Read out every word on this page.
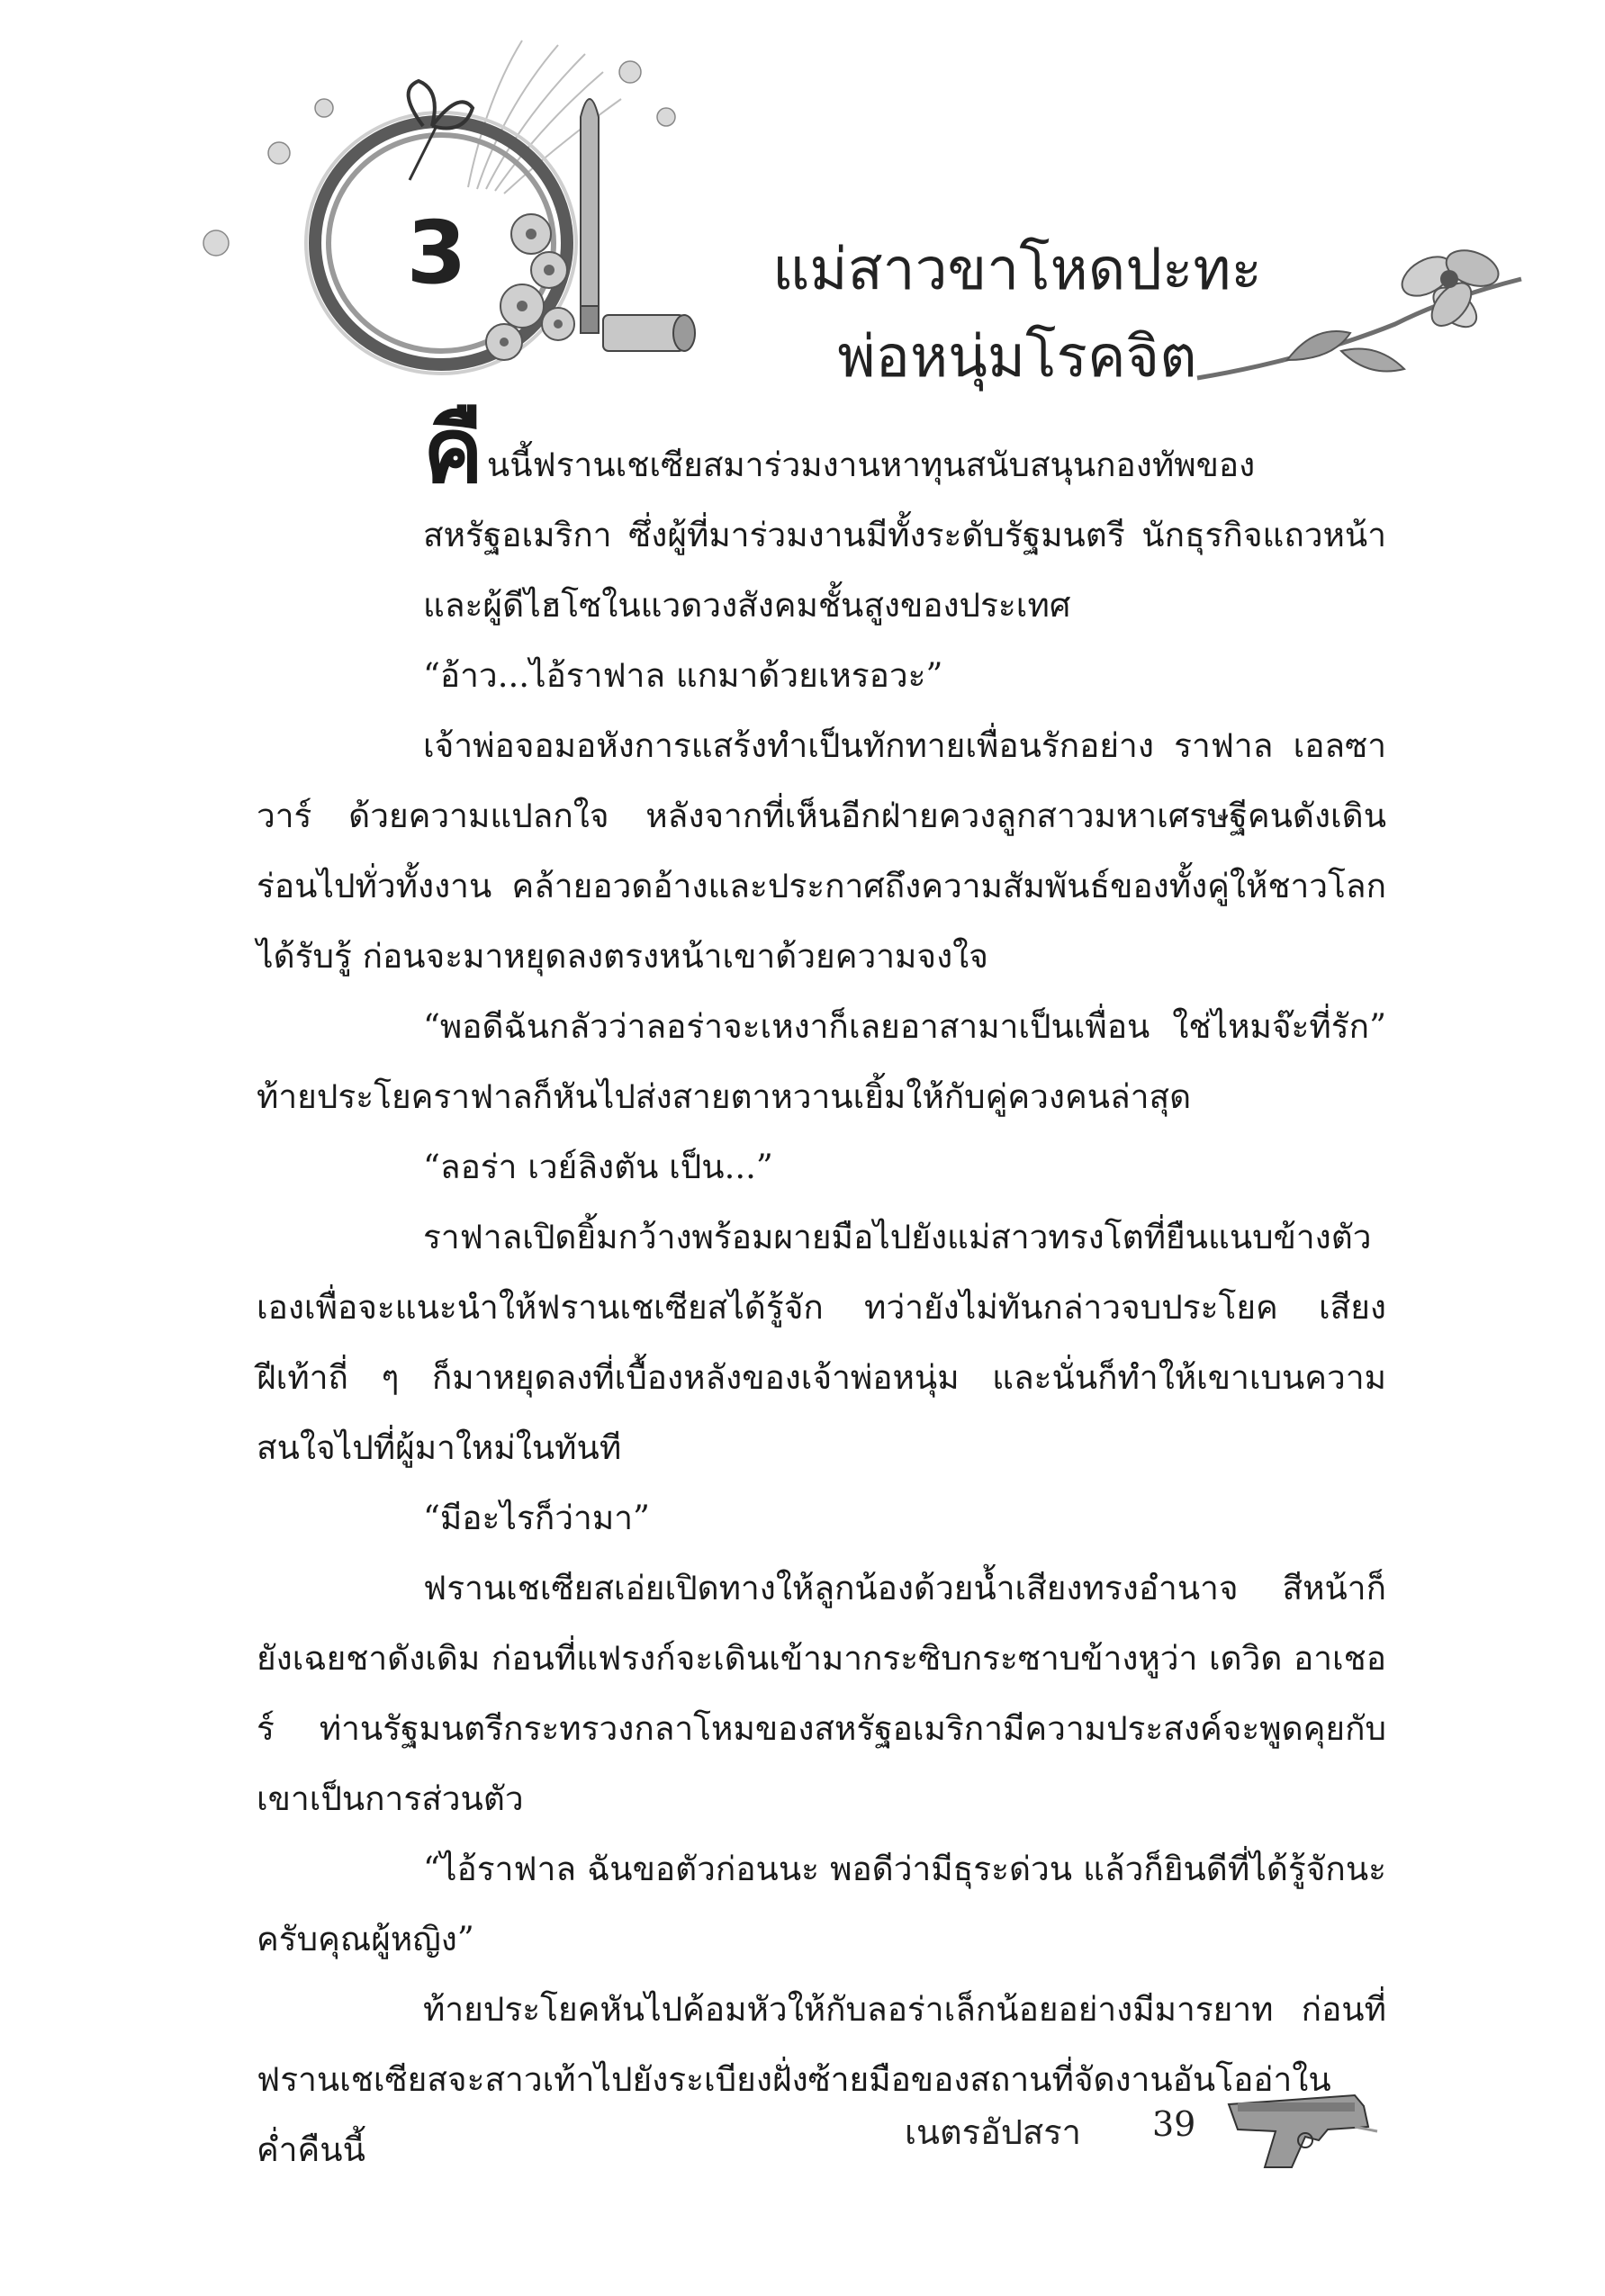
3	แม่สาวขาโหดปะทะ
พ่อหนุ่มโรคจิต

คืนนี้ฟรานเชเซียสมาร่วมงานหาทุนสนับสนุนกองทัพของสหรัฐอเมริกา ซึ่งผู้ที่มาร่วมงานมีทั้งระดับรัฐมนตรี นักธุรกิจแถวหน้าและผู้ดีไฮโซในแวดวงสังคมชั้นสูงของประเทศ

“อ้าว...ไอ้ราฟาล แกมาด้วยเหรอวะ”

เจ้าพ่อจอมอหังการแสร้งทำเป็นทักทายเพื่อนรักอย่าง ราฟาล เอลซาวาร์ ด้วยความแปลกใจ หลังจากที่เห็นอีกฝ่ายควงลูกสาวมหาเศรษฐีคนดังเดินร่อนไปทั่วทั้งงาน คล้ายอวดอ้างและประกาศถึงความสัมพันธ์ของทั้งคู่ให้ชาวโลกได้รับรู้ ก่อนจะมาหยุดลงตรงหน้าเขาด้วยความจงใจ

“พอดีฉันกลัวว่าลอร่าจะเหงาก็เลยอาสามาเป็นเพื่อน ใช่ไหมจ๊ะที่รัก” ท้ายประโยคราฟาลก็หันไปส่งสายตาหวานเยิ้มให้กับคู่ควงคนล่าสุด

“ลอร่า เวย์ลิงตัน เป็น...”

ราฟาลเปิดยิ้มกว้างพร้อมผายมือไปยังแม่สาวทรงโตที่ยืนแนบข้างตัวเองเพื่อจะแนะนำให้ฟรานเชเซียสได้รู้จัก ทว่ายังไม่ทันกล่าวจบประโยค เสียงฝีเท้าถี่ ๆ ก็มาหยุดลงที่เบื้องหลังของเจ้าพ่อหนุ่ม และนั่นก็ทำให้เขาเบนความสนใจไปที่ผู้มาใหม่ในทันที

“มีอะไรก็ว่ามา”

ฟรานเชเซียสเอ่ยเปิดทางให้ลูกน้องด้วยน้ำเสียงทรงอำนาจ สีหน้าก็ยังเฉยชาดังเดิม ก่อนที่แฟรงก์จะเดินเข้ามากระซิบกระซาบข้างหูว่า เดวิด อาเชอร์ ท่านรัฐมนตรีกระทรวงกลาโหมของสหรัฐอเมริกามีความประสงค์จะพูดคุยกับเขาเป็นการส่วนตัว

“ไอ้ราฟาล ฉันขอตัวก่อนนะ พอดีว่ามีธุระด่วน แล้วก็ยินดีที่ได้รู้จักนะครับคุณผู้หญิง”

ท้ายประโยคหันไปค้อมหัวให้กับลอร่าเล็กน้อยอย่างมีมารยาท ก่อนที่ฟรานเชเซียสจะสาวเท้าไปยังระเบียงฝั่งซ้ายมือของสถานที่จัดงานอันโออ่าในค่ำคืนนี้	เนตรอัปสรา 39
